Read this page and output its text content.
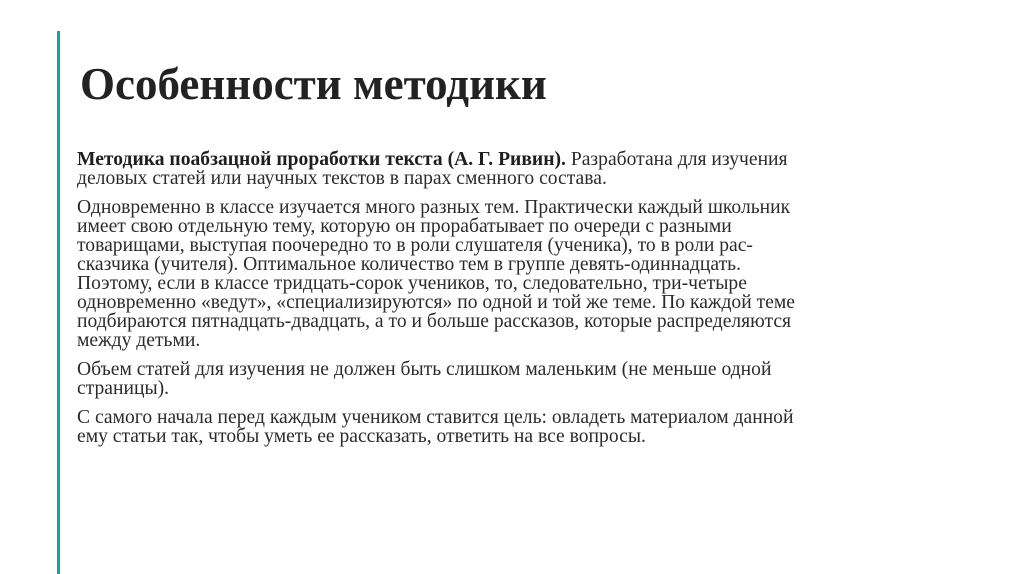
Особенности методики

Методика поабзацной проработки текста (А. Г. Ривин). Разработана для изучения
деловых статей или научных текстов в парах сменного состава.

Одновременно в классе изучается много разных тем. Практически каждый школьник
имеет свою отдельную тему, которую он прорабатывает по очереди с разными
товарищами, выступая поочередно то в роли слушателя (ученика), то в роли рас-
сказчика (учителя). Оптимальное количество тем в группе девять-одиннадцать.
Поэтому, если в классе тридцать-сорок учеников, то, следовательно, три-четыре
одновременно «ведут», «специализируются» по одной и той же теме. По каждой теме
подбираются пятнадцать-двадцать, а то и больше рассказов, которые распределяются
между детьми.

Объем статей для изучения не должен быть слишком маленьким (не меньше одной
страницы).

С самого начала перед каждым учеником ставится цель: овладеть материалом данной
ему статьи так, чтобы уметь ее рассказать, ответить на все вопросы.
